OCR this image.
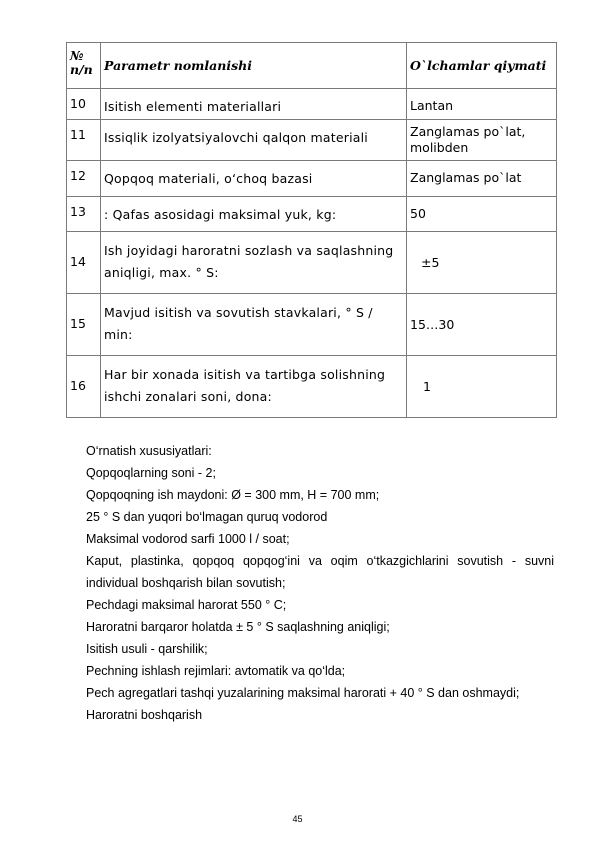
№ п/п	Parametr nomlanishi	O`lchamlar qiymati

10	Isitish elementi materiallari	Lantan

11	Issiqlik izolyatsiyalovchi qalqon materiali	Zanglamas po`lat, molibden

12	Qopqoq materiali, o‘choq bazasi	Zanglamas po`lat

13	: Qafas asosidagi maksimal yuk, kg:	50

14	Ish joyidagi haroratni sozlash va saqlashning aniqligi, max. ° S:	±5

15	Mavjud isitish va sovutish stavkalari, ° S / min:	15…30

16	Har bir xonada isitish va tartibga solishning ishchi zonalari soni, dona:	1

O‘rnatish xususiyatlari:

Qopqoqlarning soni - 2;

Qopqoqning ish maydoni: Ø = 300 mm, H = 700 mm;

25 ° S dan yuqori bo‘lmagan quruq vodorod

Maksimal vodorod sarfi 1000 l / soat;

Kaput, plastinka, qopqoq qopqog‘ini va oqim o‘tkazgichlarini sovutish - suvni individual boshqarish bilan sovutish;

Pechdagi maksimal harorat 550 ° C;

Haroratni barqaror holatda ± 5 ° S saqlashning aniqligi;

Isitish usuli - qarshilik;

Pechning ishlash rejimlari: avtomatik va qo‘lda;

Pech agregatlari tashqi yuzalarining maksimal harorati + 40 ° S dan oshmaydi;

Haroratni boshqarish

45
